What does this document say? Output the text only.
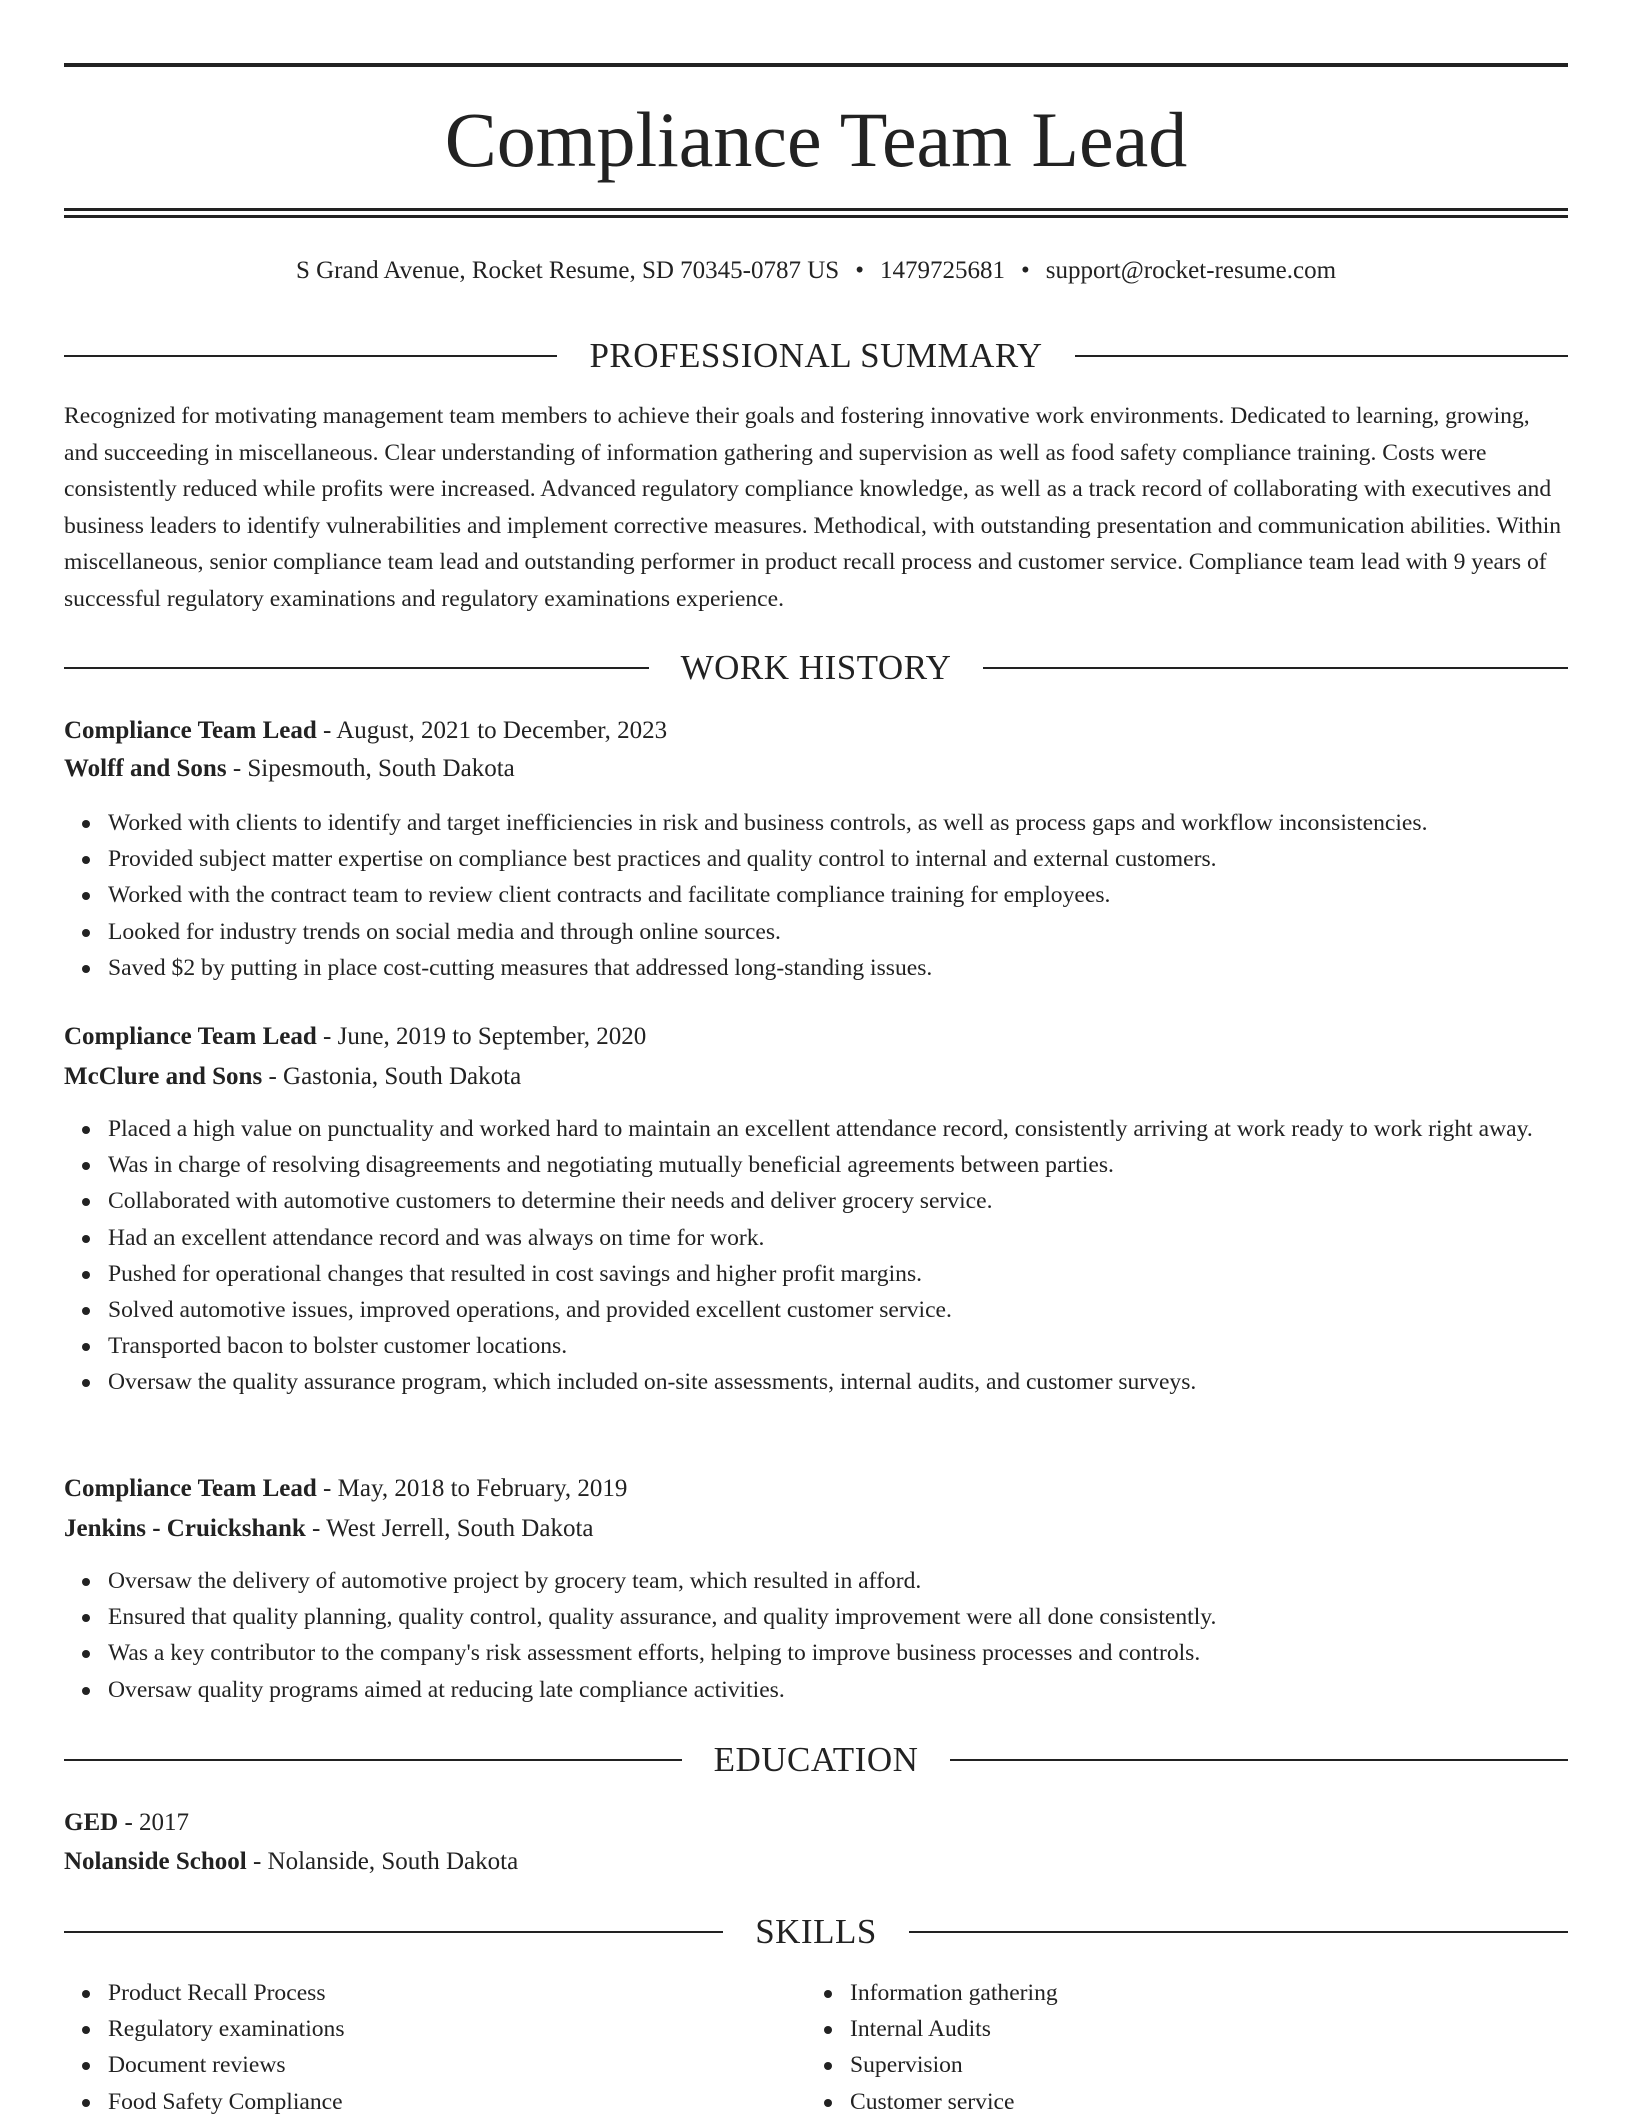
Compliance Team Lead
S Grand Avenue, Rocket Resume, SD 70345-0787 US • 1479725681 • support@rocket-resume.com
PROFESSIONAL SUMMARY

Recognized for motivating management team members to achieve their goals and fostering innovative work environments. Dedicated to learning, growing, and succeeding in miscellaneous. Clear understanding of information gathering and supervision as well as food safety compliance training. Costs were consistently reduced while profits were increased. Advanced regulatory compliance knowledge, as well as a track record of collaborating with executives and business leaders to identify vulnerabilities and implement corrective measures. Methodical, with outstanding presentation and communication abilities. Within miscellaneous, senior compliance team lead and outstanding performer in product recall process and customer service. Compliance team lead with 9 years of successful regulatory examinations and regulatory examinations experience.

WORK HISTORY
Compliance Team Lead - August, 2021 to December, 2023
Wolff and Sons - Sipesmouth, South Dakota
Worked with clients to identify and target inefficiencies in risk and business controls, as well as process gaps and workflow inconsistencies.
Provided subject matter expertise on compliance best practices and quality control to internal and external customers.
Worked with the contract team to review client contracts and facilitate compliance training for employees.
Looked for industry trends on social media and through online sources.
Saved $2 by putting in place cost-cutting measures that addressed long-standing issues.
Compliance Team Lead - June, 2019 to September, 2020
McClure and Sons - Gastonia, South Dakota
Placed a high value on punctuality and worked hard to maintain an excellent attendance record, consistently arriving at work ready to work right away.
Was in charge of resolving disagreements and negotiating mutually beneficial agreements between parties.
Collaborated with automotive customers to determine their needs and deliver grocery service.
Had an excellent attendance record and was always on time for work.
Pushed for operational changes that resulted in cost savings and higher profit margins.
Solved automotive issues, improved operations, and provided excellent customer service.
Transported bacon to bolster customer locations.
Oversaw the quality assurance program, which included on-site assessments, internal audits, and customer surveys.
Compliance Team Lead - May, 2018 to February, 2019
Jenkins - Cruickshank - West Jerrell, South Dakota
Oversaw the delivery of automotive project by grocery team, which resulted in afford.
Ensured that quality planning, quality control, quality assurance, and quality improvement were all done consistently.
Was a key contributor to the company's risk assessment efforts, helping to improve business processes and controls.
Oversaw quality programs aimed at reducing late compliance activities.
EDUCATION
GED - 2017
Nolanside School - Nolanside, South Dakota
SKILLS
Product Recall Process
Regulatory examinations
Document reviews
Food Safety Compliance
Information gathering
Internal Audits
Supervision
Customer service
